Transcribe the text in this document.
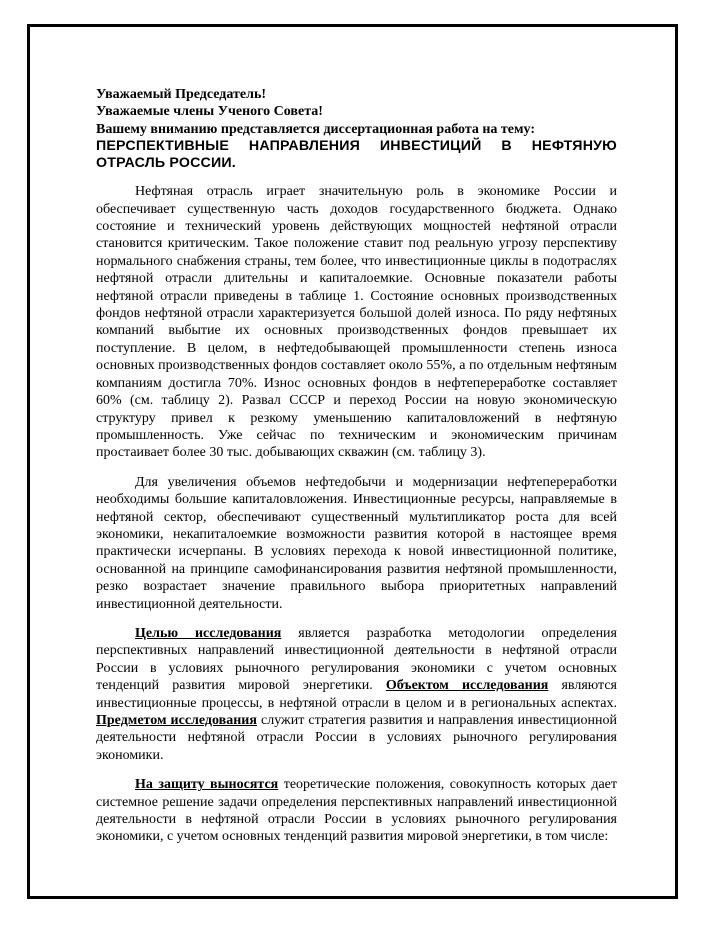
Уважаемый Председатель!

Уважаемые члены Ученого Совета!

Вашему вниманию представляется диссертационная работа на тему:

ПЕРСПЕКТИВНЫЕ НАПРАВЛЕНИЯ ИНВЕСТИЦИЙ В НЕФТЯНУЮ ОТРАСЛЬ РОССИИ.

Нефтяная отрасль играет значительную роль в экономике России и обеспечивает существенную часть доходов государственного бюджета. Однако состояние и технический уровень действующих мощностей нефтяной отрасли становится критическим. Такое положение ставит под реальную угрозу перспективу нормального снабжения страны, тем более, что инвестиционные циклы в подотраслях нефтяной отрасли длительны и капиталоемкие. Основные показатели работы нефтяной отрасли приведены в таблице 1. Состояние основных производственных фондов нефтяной отрасли характеризуется большой долей износа. По ряду нефтяных компаний выбытие их основных производственных фондов превышает их поступление. В целом, в нефтедобывающей промышленности степень износа основных производственных фондов составляет около 55%, а по отдельным нефтяным компаниям достигла 70%. Износ основных фондов в нефтепереработке составляет 60% (см. таблицу 2). Развал СССР и переход России на новую экономическую структуру привел к резкому уменьшению капиталовложений в нефтяную промышленность. Уже сейчас по техническим и экономическим причинам простаивает более 30 тыс. добывающих скважин (см. таблицу 3).

Для увеличения объемов нефтедобычи и модернизации нефтепереработки необходимы большие капиталовложения. Инвестиционные ресурсы, направляемые в нефтяной сектор, обеспечивают существенный мультипликатор роста для всей экономики, некапиталоемкие возможности развития которой в настоящее время практически исчерпаны. В условиях перехода к новой инвестиционной политике, основанной на принципе самофинансирования развития нефтяной промышленности, резко возрастает значение правильного выбора приоритетных направлений инвестиционной деятельности.

Целью исследования является разработка методологии определения перспективных направлений инвестиционной деятельности в нефтяной отрасли России в условиях рыночного регулирования экономики с учетом основных тенденций развития мировой энергетики. Объектом исследования являются инвестиционные процессы, в нефтяной отрасли в целом и в региональных аспектах. Предметом исследования служит стратегия развития и направления инвестиционной деятельности нефтяной отрасли России в условиях рыночного регулирования экономики.

На защиту выносятся теоретические положения, совокупность которых дает системное решение задачи определения перспективных направлений инвестиционной деятельности в нефтяной отрасли России в условиях рыночного регулирования экономики, с учетом основных тенденций развития мировой энергетики, в том числе:
